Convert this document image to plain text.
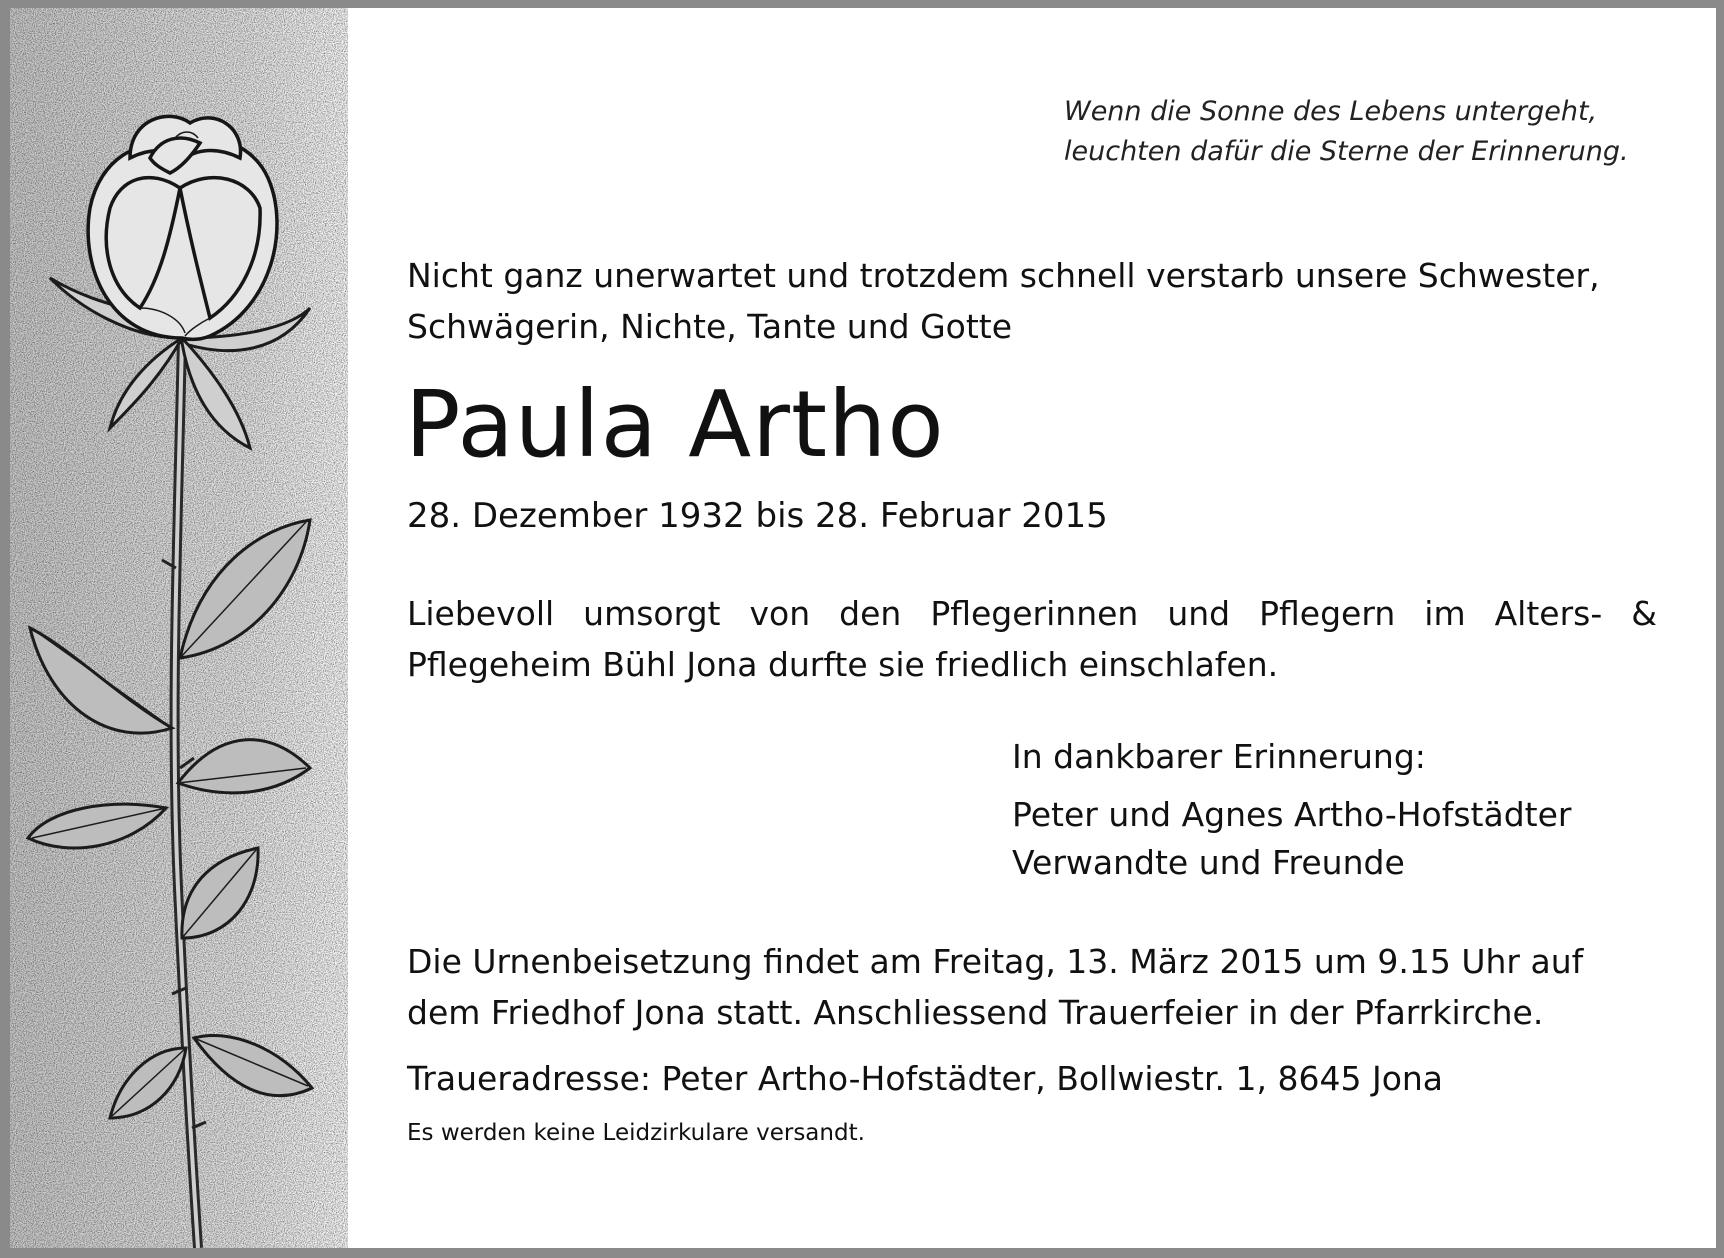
Wenn die Sonne des Lebens untergeht,
leuchten dafür die Sterne der Erinnerung.
Nicht ganz unerwartet und trotzdem schnell verstarb unsere Schwester,
Schwägerin, Nichte, Tante und Gotte
Paula Artho
28. Dezember 1932 bis 28. Februar 2015
Liebevoll umsorgt von den Pflegerinnen und Pflegern im Alters- &
Pflegeheim Bühl Jona durfte sie friedlich einschlafen.
In dankbarer Erinnerung:
Peter und Agnes Artho-Hofstädter
Verwandte und Freunde
Die Urnenbeisetzung findet am Freitag, 13. März 2015 um 9.15 Uhr auf
dem Friedhof Jona statt. Anschliessend Trauerfeier in der Pfarrkirche.
Traueradresse: Peter Artho-Hofstädter, Bollwiestr. 1, 8645 Jona
Es werden keine Leidzirkulare versandt.
